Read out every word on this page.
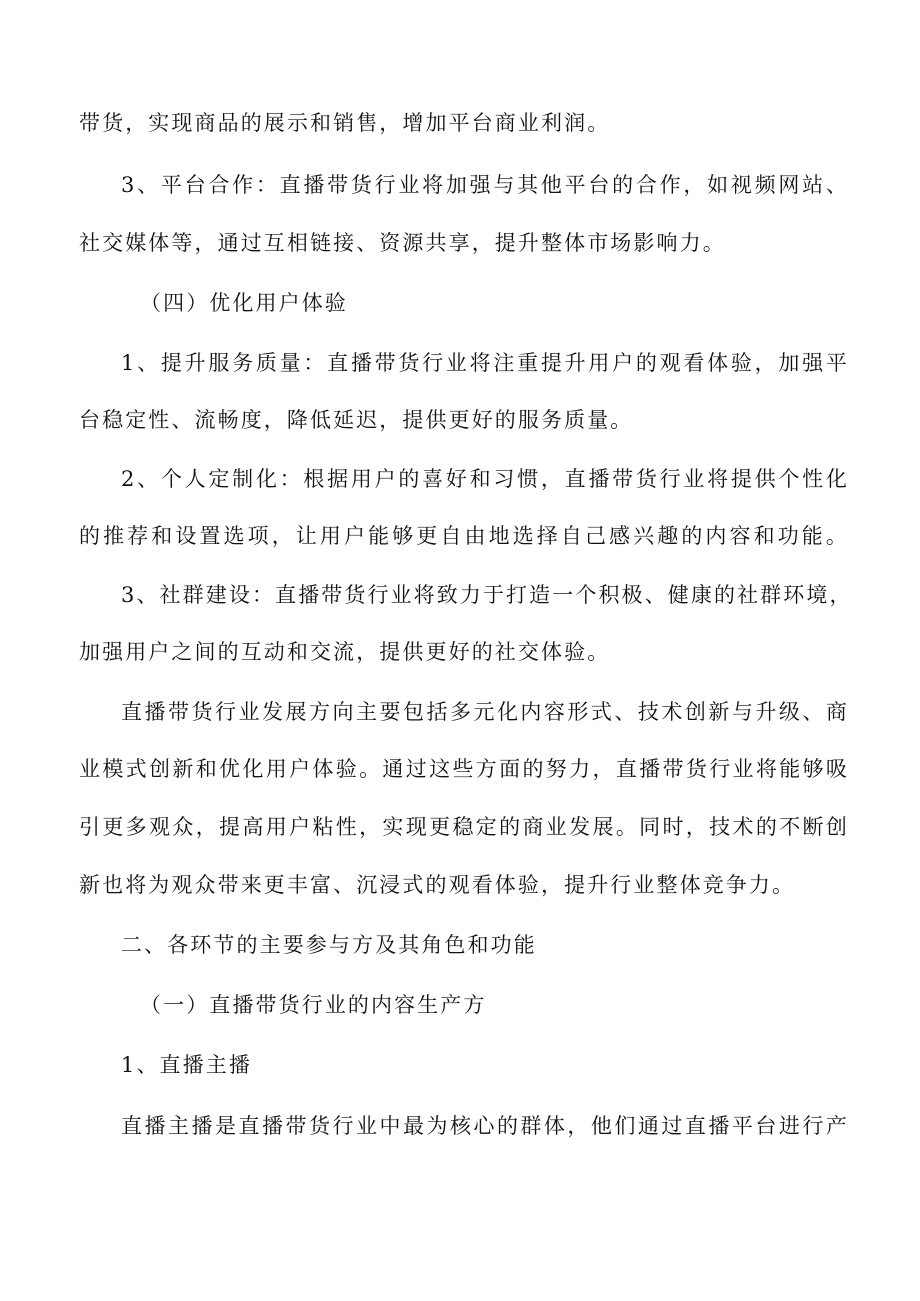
带货，实现商品的展示和销售，增加平台商业利润。
3、平台合作：直播带货行业将加强与其他平台的合作，如视频网站、
社交媒体等，通过互相链接、资源共享，提升整体市场影响力。
（四）优化用户体验
1、提升服务质量：直播带货行业将注重提升用户的观看体验，加强平
台稳定性、流畅度，降低延迟，提供更好的服务质量。
2、个人定制化：根据用户的喜好和习惯，直播带货行业将提供个性化
的推荐和设置选项，让用户能够更自由地选择自己感兴趣的内容和功能。
3、社群建设：直播带货行业将致力于打造一个积极、健康的社群环境，
加强用户之间的互动和交流，提供更好的社交体验。
直播带货行业发展方向主要包括多元化内容形式、技术创新与升级、商
业模式创新和优化用户体验。通过这些方面的努力，直播带货行业将能够吸
引更多观众，提高用户粘性，实现更稳定的商业发展。同时，技术的不断创
新也将为观众带来更丰富、沉浸式的观看体验，提升行业整体竞争力。
二、各环节的主要参与方及其角色和功能
（一）直播带货行业的内容生产方
1、直播主播
直播主播是直播带货行业中最为核心的群体，他们通过直播平台进行产
